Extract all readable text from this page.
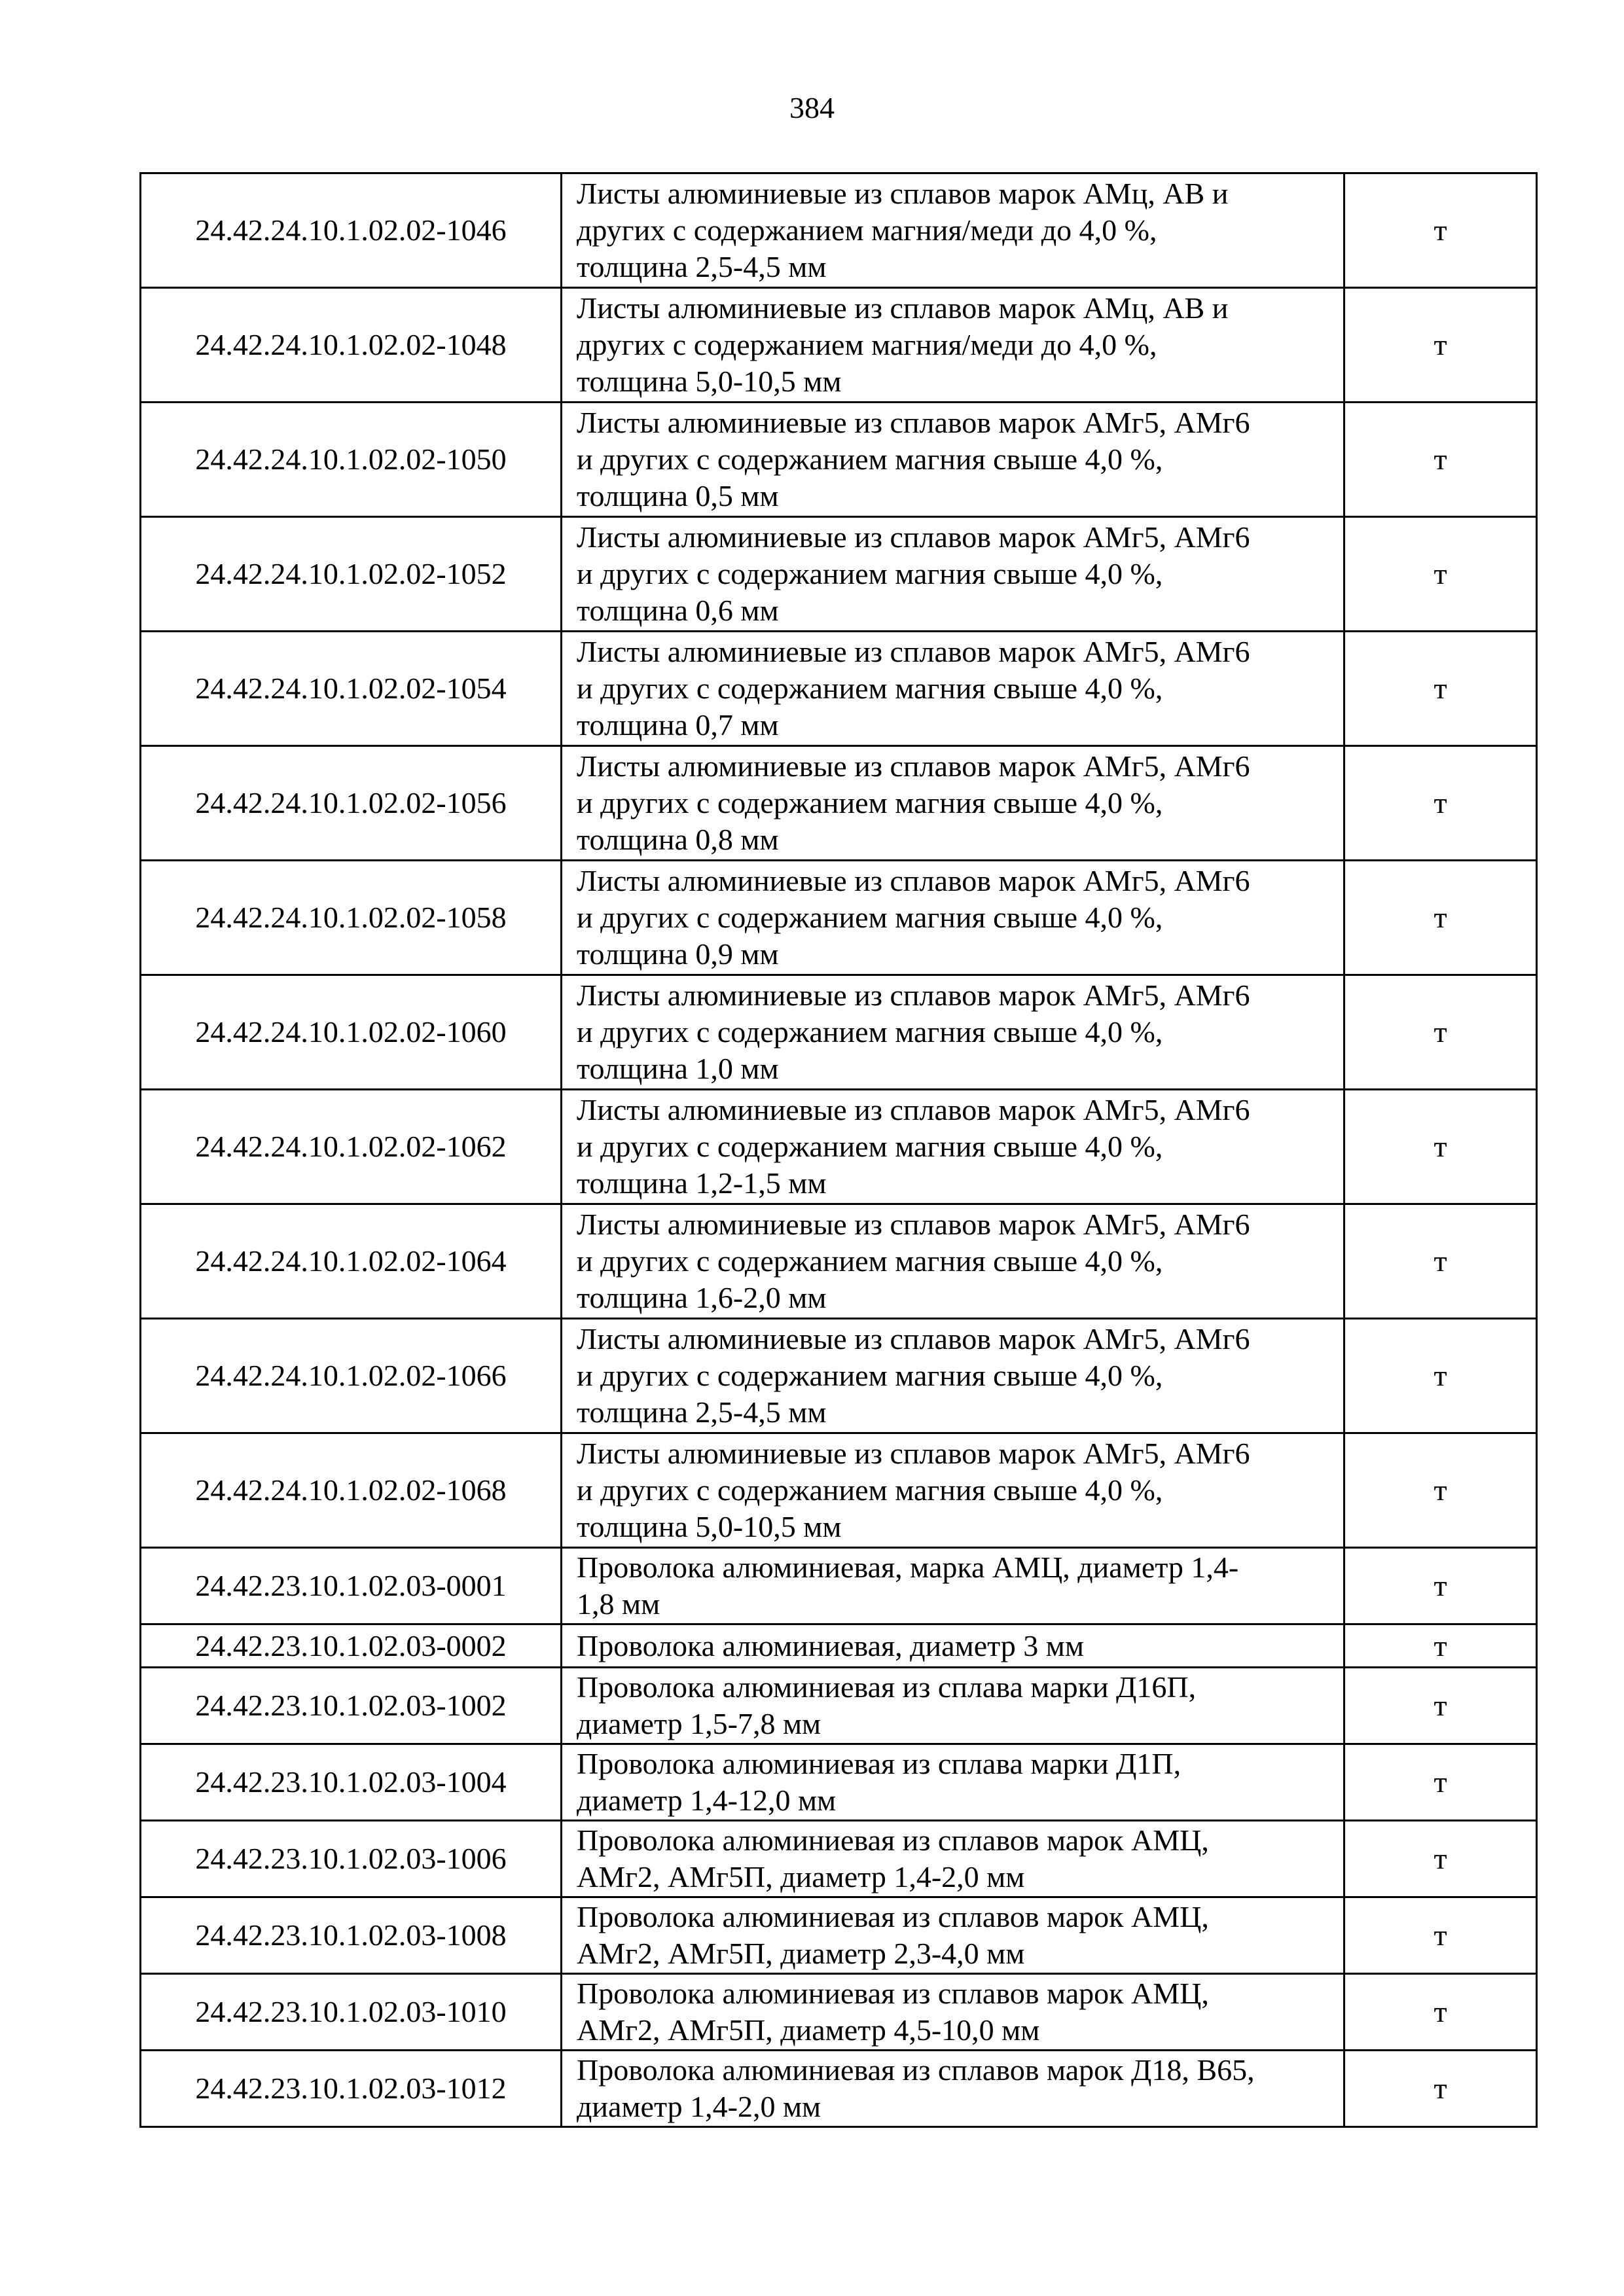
384
24.42.24.10.1.02.02-1046	Листы алюминиевые из сплавов марок АМц, АВ и
других с содержанием магния/меди до 4,0 %,
толщина 2,5-4,5 мм	т
24.42.24.10.1.02.02-1048	Листы алюминиевые из сплавов марок АМц, АВ и
других с содержанием магния/меди до 4,0 %,
толщина 5,0-10,5 мм	т
24.42.24.10.1.02.02-1050	Листы алюминиевые из сплавов марок АМг5, АМг6
и других с содержанием магния свыше 4,0 %,
толщина 0,5 мм	т
24.42.24.10.1.02.02-1052	Листы алюминиевые из сплавов марок АМг5, АМг6
и других с содержанием магния свыше 4,0 %,
толщина 0,6 мм	т
24.42.24.10.1.02.02-1054	Листы алюминиевые из сплавов марок АМг5, АМг6
и других с содержанием магния свыше 4,0 %,
толщина 0,7 мм	т
24.42.24.10.1.02.02-1056	Листы алюминиевые из сплавов марок АМг5, АМг6
и других с содержанием магния свыше 4,0 %,
толщина 0,8 мм	т
24.42.24.10.1.02.02-1058	Листы алюминиевые из сплавов марок АМг5, АМг6
и других с содержанием магния свыше 4,0 %,
толщина 0,9 мм	т
24.42.24.10.1.02.02-1060	Листы алюминиевые из сплавов марок АМг5, АМг6
и других с содержанием магния свыше 4,0 %,
толщина 1,0 мм	т
24.42.24.10.1.02.02-1062	Листы алюминиевые из сплавов марок АМг5, АМг6
и других с содержанием магния свыше 4,0 %,
толщина 1,2-1,5 мм	т
24.42.24.10.1.02.02-1064	Листы алюминиевые из сплавов марок АМг5, АМг6
и других с содержанием магния свыше 4,0 %,
толщина 1,6-2,0 мм	т
24.42.24.10.1.02.02-1066	Листы алюминиевые из сплавов марок АМг5, АМг6
и других с содержанием магния свыше 4,0 %,
толщина 2,5-4,5 мм	т
24.42.24.10.1.02.02-1068	Листы алюминиевые из сплавов марок АМг5, АМг6
и других с содержанием магния свыше 4,0 %,
толщина 5,0-10,5 мм	т
24.42.23.10.1.02.03-0001	Проволока алюминиевая, марка АМЦ, диаметр 1,4-
1,8 мм	т
24.42.23.10.1.02.03-0002	Проволока алюминиевая, диаметр 3 мм	т
24.42.23.10.1.02.03-1002	Проволока алюминиевая из сплава марки Д16П,
диаметр 1,5-7,8 мм	т
24.42.23.10.1.02.03-1004	Проволока алюминиевая из сплава марки Д1П,
диаметр 1,4-12,0 мм	т
24.42.23.10.1.02.03-1006	Проволока алюминиевая из сплавов марок АМЦ,
АМг2, АМг5П, диаметр 1,4-2,0 мм	т
24.42.23.10.1.02.03-1008	Проволока алюминиевая из сплавов марок АМЦ,
АМг2, АМг5П, диаметр 2,3-4,0 мм	т
24.42.23.10.1.02.03-1010	Проволока алюминиевая из сплавов марок АМЦ,
АМг2, АМг5П, диаметр 4,5-10,0 мм	т
24.42.23.10.1.02.03-1012	Проволока алюминиевая из сплавов марок Д18, В65,
диаметр 1,4-2,0 мм	т
